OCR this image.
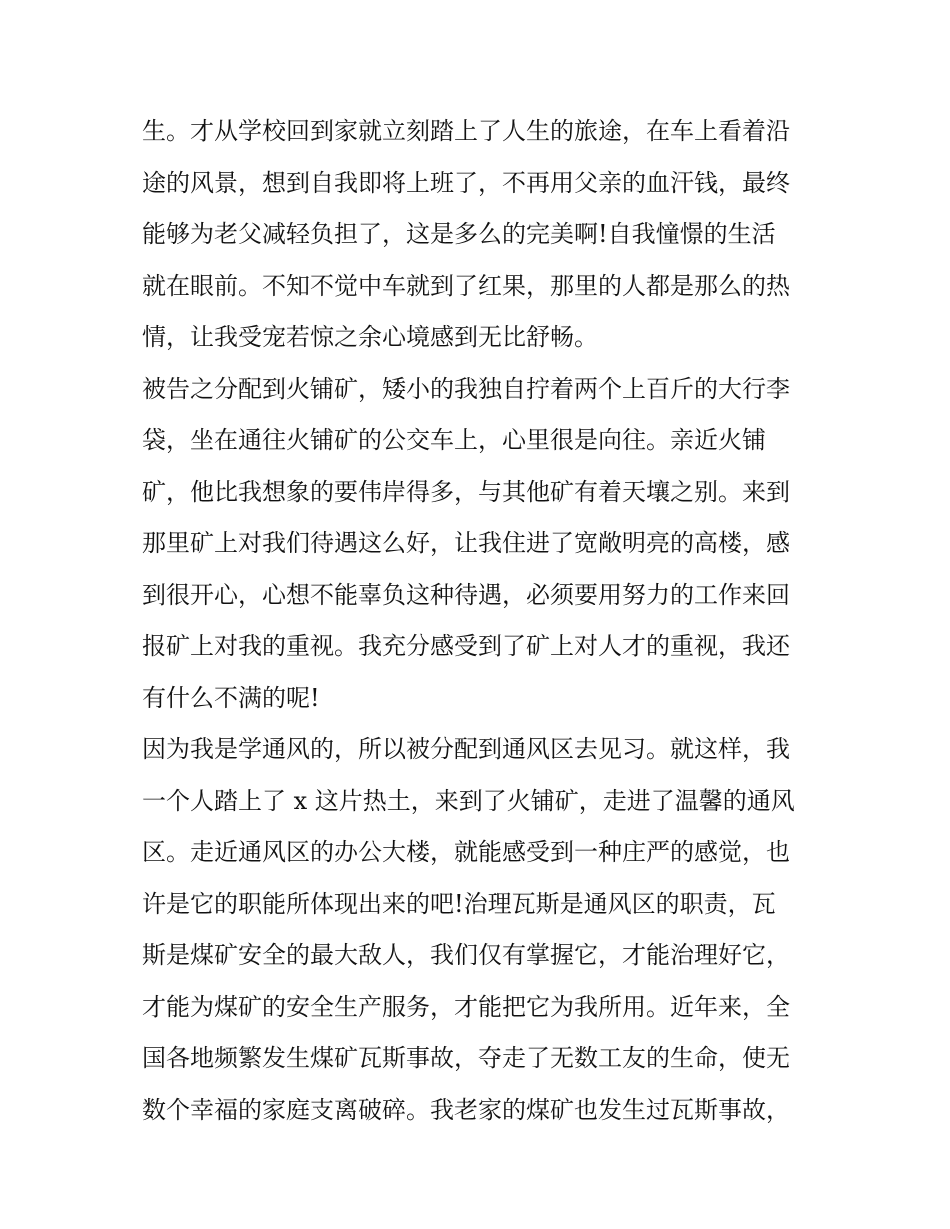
生。才从学校回到家就立刻踏上了人生的旅途，在车上看着沿
途的风景，想到自我即将上班了，不再用父亲的血汗钱，最终
能够为老父减轻负担了，这是多么的完美啊!自我憧憬的生活
就在眼前。不知不觉中车就到了红果，那里的人都是那么的热
情，让我受宠若惊之余心境感到无比舒畅。
被告之分配到火铺矿，矮小的我独自拧着两个上百斤的大行李
袋，坐在通往火铺矿的公交车上，心里很是向往。亲近火铺
矿，他比我想象的要伟岸得多，与其他矿有着天壤之别。来到
那里矿上对我们待遇这么好，让我住进了宽敞明亮的高楼，感
到很开心，心想不能辜负这种待遇，必须要用努力的工作来回
报矿上对我的重视。我充分感受到了矿上对人才的重视，我还
有什么不满的呢!
因为我是学通风的，所以被分配到通风区去见习。就这样，我
一个人踏上了 x 这片热土，来到了火铺矿，走进了温馨的通风
区。走近通风区的办公大楼，就能感受到一种庄严的感觉，也
许是它的职能所体现出来的吧!治理瓦斯是通风区的职责，瓦
斯是煤矿安全的最大敌人，我们仅有掌握它，才能治理好它，
才能为煤矿的安全生产服务，才能把它为我所用。近年来，全
国各地频繁发生煤矿瓦斯事故，夺走了无数工友的生命，使无
数个幸福的家庭支离破碎。我老家的煤矿也发生过瓦斯事故，
